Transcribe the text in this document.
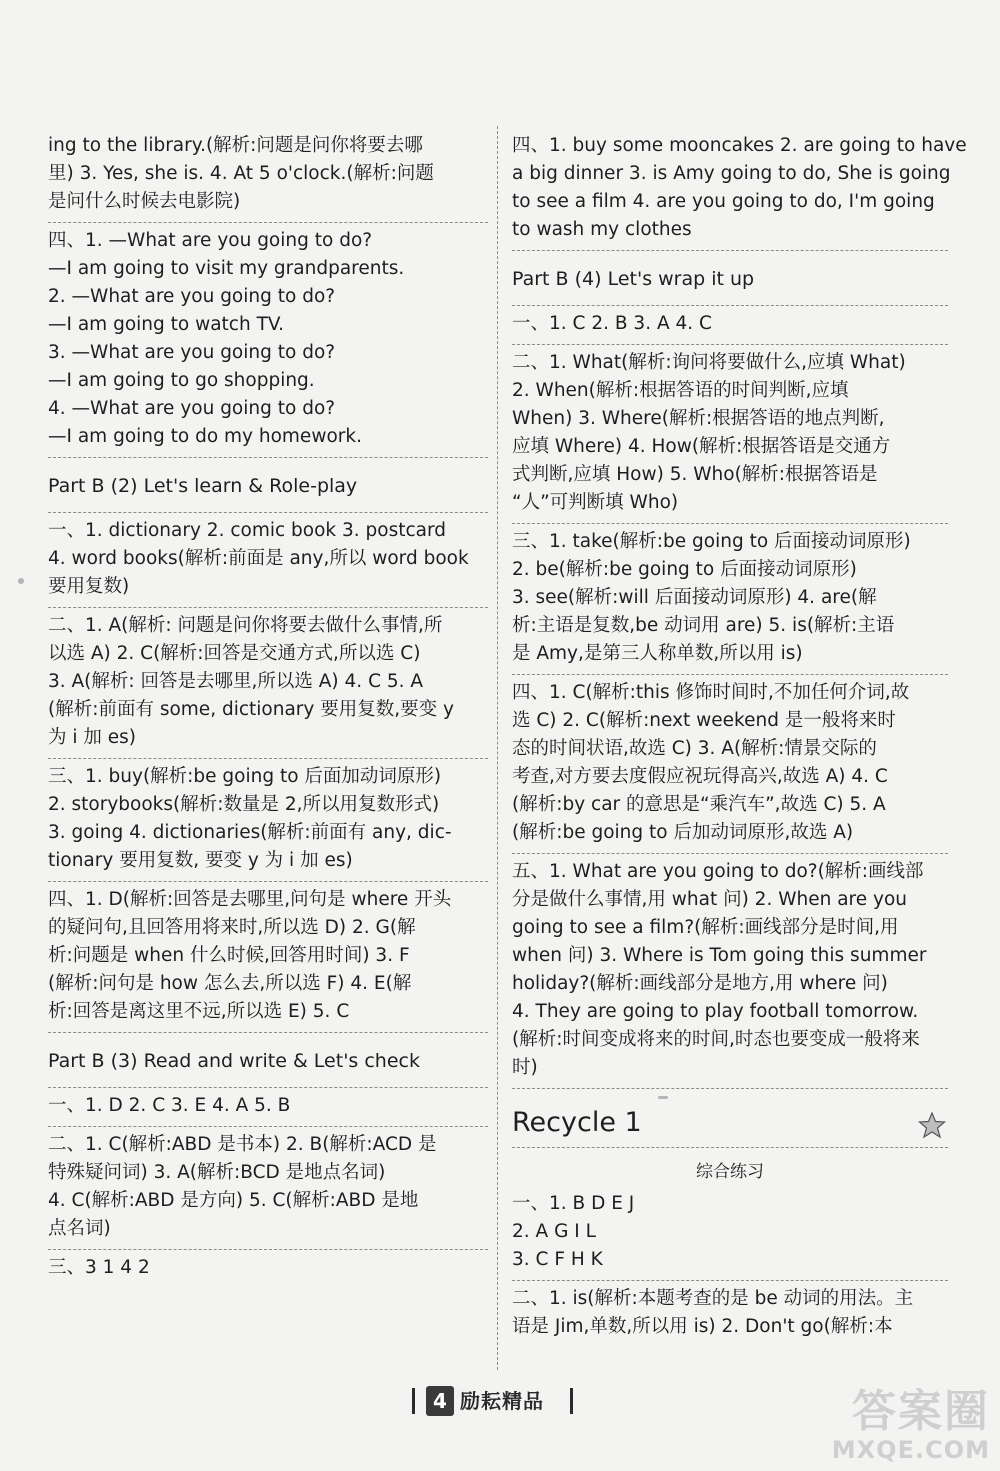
ing to the library.(解析:问题是问你将要去哪
里) 3. Yes, she is. 4. At 5 o'clock.(解析:问题
是问什么时候去电影院)
四、1. —What are you going to do?
—I am going to visit my grandparents.
2. —What are you going to do?
—I am going to watch TV.
3. —What are you going to do?
—I am going to go shopping.
4. —What are you going to do?
—I am going to do my homework.
Part B (2) Let's learn & Role-play
一、1. dictionary 2. comic book 3. postcard
4. word books(解析:前面是 any,所以 word book
要用复数)
二、1. A(解析: 问题是问你将要去做什么事情,所
以选 A) 2. C(解析:回答是交通方式,所以选 C)
3. A(解析: 回答是去哪里,所以选 A) 4. C 5. A
(解析:前面有 some, dictionary 要用复数,要变 y
为 i 加 es)
三、1. buy(解析:be going to 后面加动词原形)
2. storybooks(解析:数量是 2,所以用复数形式)
3. going 4. dictionaries(解析:前面有 any, dic-
tionary 要用复数, 要变 y 为 i 加 es)
四、1. D(解析:回答是去哪里,问句是 where 开头
的疑问句,且回答用将来时,所以选 D) 2. G(解
析:问题是 when 什么时候,回答用时间) 3. F
(解析:问句是 how 怎么去,所以选 F) 4. E(解
析:回答是离这里不远,所以选 E) 5. C
Part B (3) Read and write & Let's check
一、1. D 2. C 3. E 4. A 5. B
二、1. C(解析:ABD 是书本) 2. B(解析:ACD 是
特殊疑问词) 3. A(解析:BCD 是地点名词)
4. C(解析:ABD 是方向) 5. C(解析:ABD 是地
点名词)
三、3 1 4 2
四、1. buy some mooncakes 2. are going to have
a big dinner 3. is Amy going to do, She is going
to see a film 4. are you going to do, I'm going
to wash my clothes
Part B (4) Let's wrap it up
一、1. C 2. B 3. A 4. C
二、1. What(解析:询问将要做什么,应填 What)
2. When(解析:根据答语的时间判断,应填
When) 3. Where(解析:根据答语的地点判断,
应填 Where) 4. How(解析:根据答语是交通方
式判断,应填 How) 5. Who(解析:根据答语是
“人”可判断填 Who)
三、1. take(解析:be going to 后面接动词原形)
2. be(解析:be going to 后面接动词原形)
3. see(解析:will 后面接动词原形) 4. are(解
析:主语是复数,be 动词用 are) 5. is(解析:主语
是 Amy,是第三人称单数,所以用 is)
四、1. C(解析:this 修饰时间时,不加任何介词,故
选 C) 2. C(解析:next weekend 是一般将来时
态的时间状语,故选 C) 3. A(解析:情景交际的
考查,对方要去度假应祝玩得高兴,故选 A) 4. C
(解析:by car 的意思是“乘汽车”,故选 C) 5. A
(解析:be going to 后加动词原形,故选 A)
五、1. What are you going to do?(解析:画线部
分是做什么事情,用 what 问) 2. When are you
going to see a film?(解析:画线部分是时间,用
when 问) 3. Where is Tom going this summer
holiday?(解析:画线部分是地方,用 where 问)
4. They are going to play football tomorrow.
(解析:时间变成将来的时间,时态也要变成一般将来
时)
Recycle 1
综合练习
一、1. B D E J
2. A G I L
3. C F H K
二、1. is(解析:本题考查的是 be 动词的用法。主
语是 Jim,单数,所以用 is) 2. Don't go(解析:本
4 励耘精品	答案圈
MXQE.COM
